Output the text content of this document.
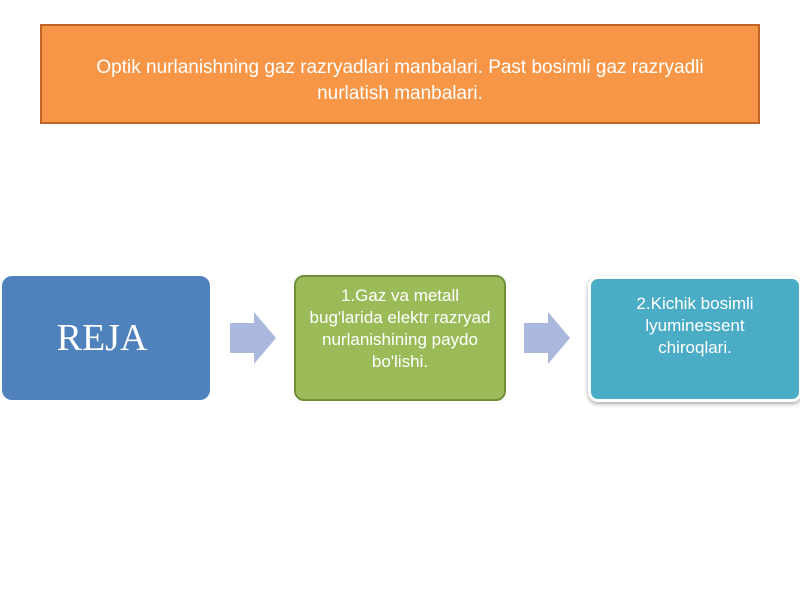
Optik nurlanishning gaz razryadlari manbalari. Past bosimli gaz razryadli nurlatish manbalari.
REJA
1.Gaz va metall bug'larida elektr razryad nurlanishining paydo bo'lishi.
2.Kichik bosimli lyuminessent chiroqlari.
